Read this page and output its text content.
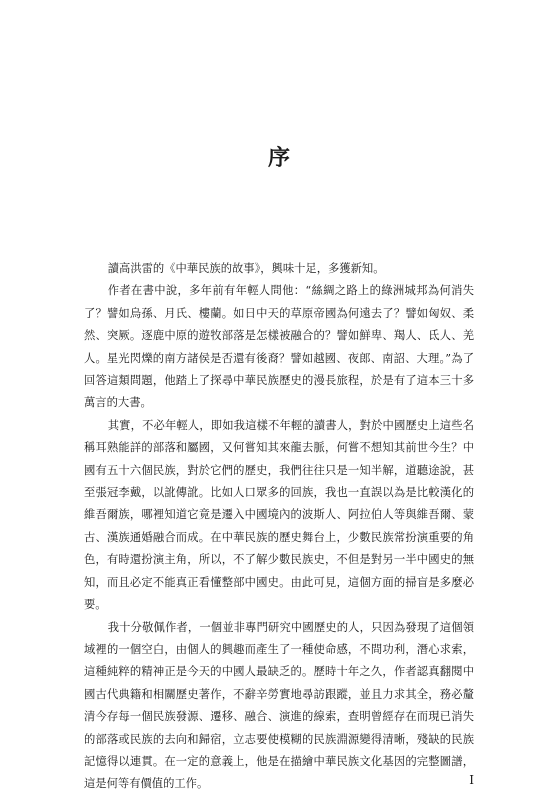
序

讀高洪雷的《中華民族的故事》，興味十足，多獲新知。

作者在書中說，多年前有年輕人問他：“絲綢之路上的綠洲城邦為何消失了？譬如烏孫、月氏、樓蘭。如日中天的草原帝國為何遠去了？譬如匈奴、柔然、突厥。逐鹿中原的遊牧部落是怎樣被融合的？譬如鮮卑、羯人、氐人、羌人。星光閃爍的南方諸侯是否還有後裔？譬如越國、夜郎、南詔、大理。”為了回答這類問題，他踏上了探尋中華民族歷史的漫長旅程，於是有了這本三十多萬言的大書。

其實，不必年輕人，即如我這樣不年輕的讀書人，對於中國歷史上這些名稱耳熟能詳的部落和屬國，又何嘗知其來龍去脈，何嘗不想知其前世今生？中國有五十六個民族，對於它們的歷史，我們往往只是一知半解，道聽途說，甚至張冠李戴，以訛傳訛。比如人口眾多的回族，我也一直誤以為是比較漢化的維吾爾族，哪裡知道它竟是遷入中國境內的波斯人、阿拉伯人等與維吾爾、蒙古、漢族通婚融合而成。在中華民族的歷史舞台上，少數民族常扮演重要的角色，有時還扮演主角，所以，不了解少數民族史，不但是對另一半中國史的無知，而且必定不能真正看懂整部中國史。由此可見，這個方面的掃盲是多麼必要。

我十分敬佩作者，一個並非專門研究中國歷史的人，只因為發現了這個領域裡的一個空白，由個人的興趣而產生了一種使命感，不問功利，潛心求索，這種純粹的精神正是今天的中國人最缺乏的。歷時十年之久，作者認真翻閱中國古代典籍和相關歷史著作，不辭辛勞實地尋訪跟蹤，並且力求其全，務必釐清今存每一個民族發源、遷移、融合、演進的線索，查明曾經存在而現已消失的部落或民族的去向和歸宿，立志要使模糊的民族淵源變得清晰，殘缺的民族記憶得以連貫。在一定的意義上，他是在描繪中華民族文化基因的完整圖譜，這是何等有價值的工作。	I
